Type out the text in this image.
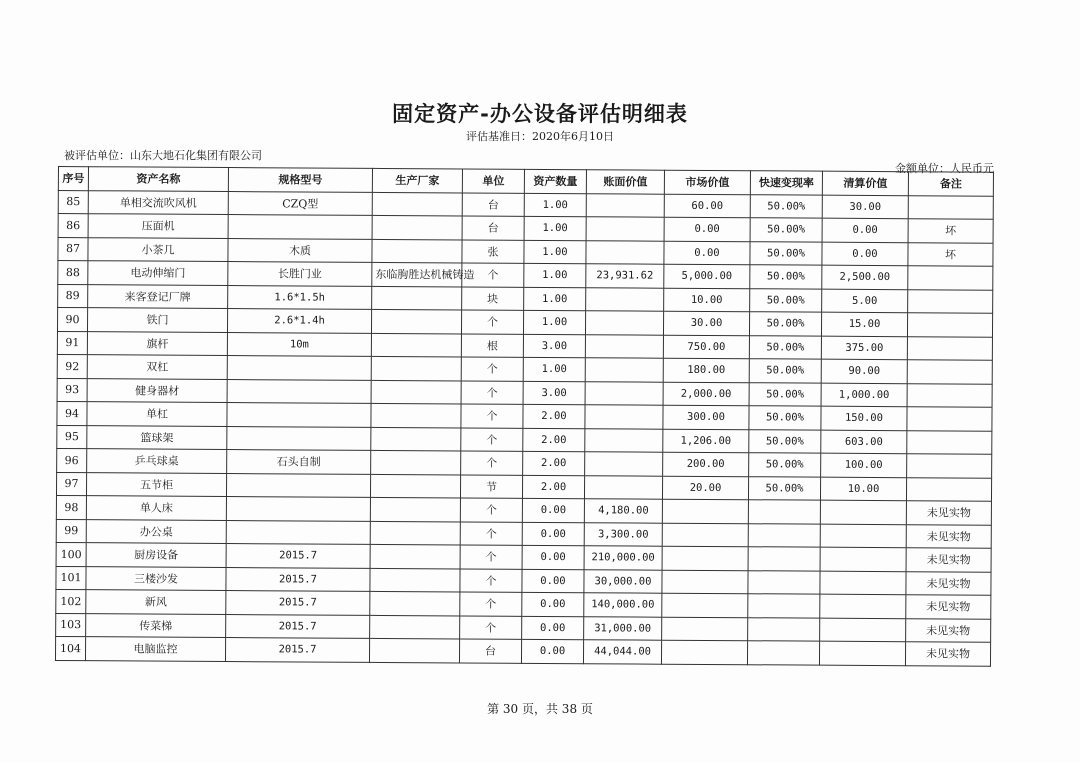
固定资产-办公设备评估明细表
评估基准日：2020年6月10日
被评估单位：山东大地石化集团有限公司
金额单位：人民币元
序号	资产名称	规格型号	生产厂家	单位	资产数量	账面价值	市场价值	快速变现率	清算价值	备注
85	单相交流吹风机	CZQ型		台	1.00		60.00	50.00%	30.00	
86	压面机			台	1.00		0.00	50.00%	0.00	坏
87	小茶几	木质		张	1.00		0.00	50.00%	0.00	坏
88	电动伸缩门	长胜门业	东临朐胜达机械铸造	个	1.00	23,931.62	5,000.00	50.00%	2,500.00	
89	来客登记厂牌	1.6*1.5h		块	1.00		10.00	50.00%	5.00	
90	铁门	2.6*1.4h		个	1.00		30.00	50.00%	15.00	
91	旗杆	10m		根	3.00		750.00	50.00%	375.00	
92	双杠			个	1.00		180.00	50.00%	90.00	
93	健身器材			个	3.00		2,000.00	50.00%	1,000.00	
94	单杠			个	2.00		300.00	50.00%	150.00	
95	篮球架			个	2.00		1,206.00	50.00%	603.00	
96	乒乓球桌	石头自制		个	2.00		200.00	50.00%	100.00	
97	五节柜			节	2.00		20.00	50.00%	10.00	
98	单人床			个	0.00	4,180.00				未见实物
99	办公桌			个	0.00	3,300.00				未见实物
100	厨房设备	2015.7		个	0.00	210,000.00				未见实物
101	三楼沙发	2015.7		个	0.00	30,000.00				未见实物
102	新风	2015.7		个	0.00	140,000.00				未见实物
103	传菜梯	2015.7		个	0.00	31,000.00				未见实物
104	电脑监控	2015.7		台	0.00	44,044.00				未见实物
第 30 页，共 38 页
